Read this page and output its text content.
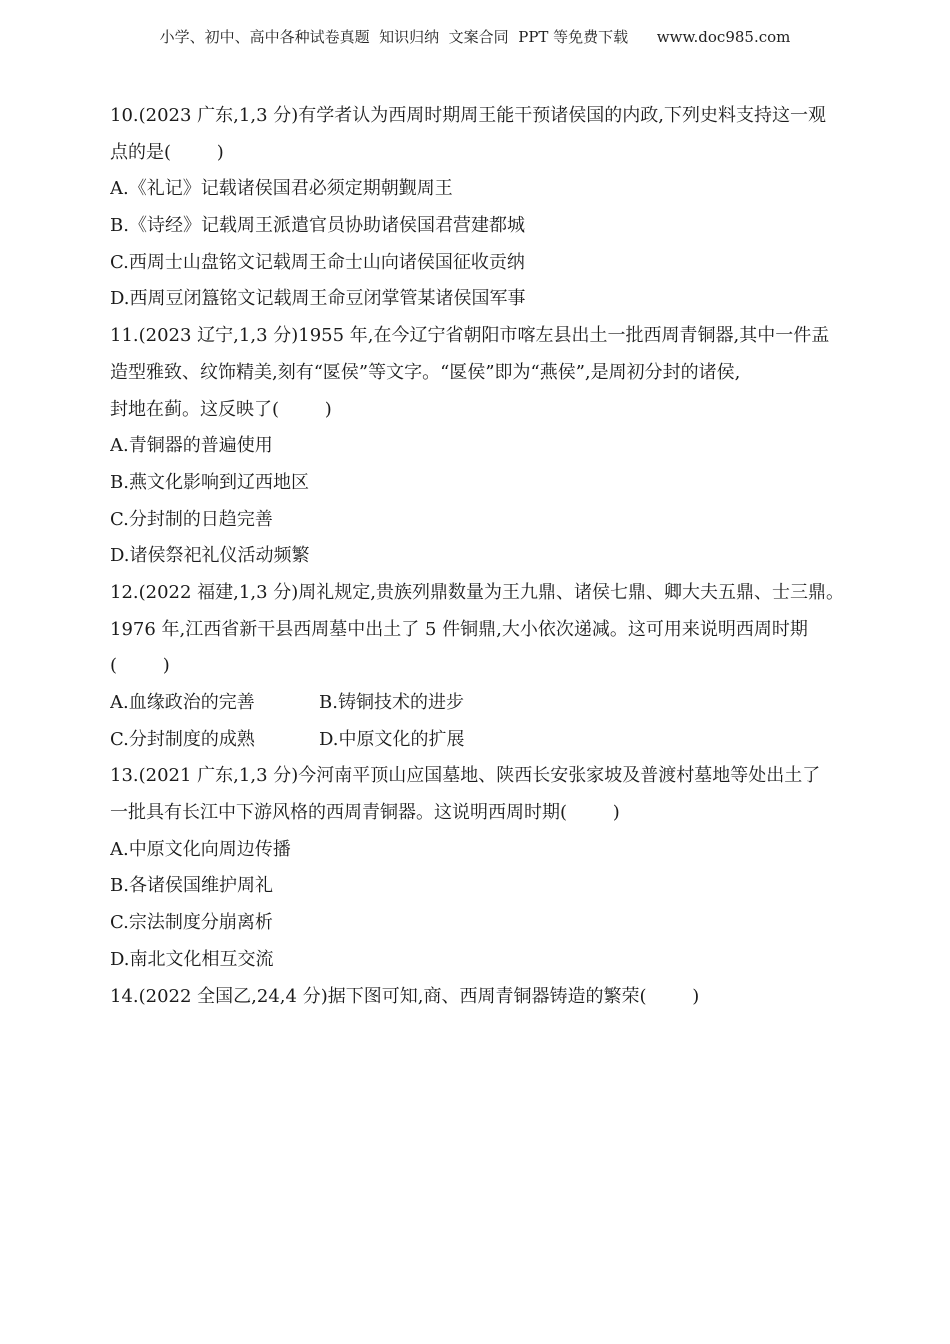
小学、初中、高中各种试卷真题  知识归纳  文案合同  PPT 等免费下载      www.doc985.com
10.(2023 广东,1,3 分)有学者认为西周时期周王能干预诸侯国的内政,下列史料支持这一观
点的是(        )
A.《礼记》记载诸侯国君必须定期朝觐周王
B.《诗经》记载周王派遣官员协助诸侯国君营建都城
C.西周士山盘铭文记载周王命士山向诸侯国征收贡纳
D.西周豆闭簋铭文记载周王命豆闭掌管某诸侯国军事
11.(2023 辽宁,1,3 分)1955 年,在今辽宁省朝阳市喀左县出土一批西周青铜器,其中一件盂
造型雅致、纹饰精美,刻有“匽侯”等文字。“匽侯”即为“燕侯”,是周初分封的诸侯,
封地在蓟。这反映了(        )
A.青铜器的普遍使用
B.燕文化影响到辽西地区
C.分封制的日趋完善
D.诸侯祭祀礼仪活动频繁
12.(2022 福建,1,3 分)周礼规定,贵族列鼎数量为王九鼎、诸侯七鼎、卿大夫五鼎、士三鼎。
1976 年,江西省新干县西周墓中出土了 5 件铜鼎,大小依次递减。这可用来说明西周时期
(        )
A.血缘政治的完善	B.铸铜技术的进步
C.分封制度的成熟	D.中原文化的扩展
13.(2021 广东,1,3 分)今河南平顶山应国墓地、陕西长安张家坡及普渡村墓地等处出土了
一批具有长江中下游风格的西周青铜器。这说明西周时期(        )
A.中原文化向周边传播
B.各诸侯国维护周礼
C.宗法制度分崩离析
D.南北文化相互交流
14.(2022 全国乙,24,4 分)据下图可知,商、西周青铜器铸造的繁荣(        )
